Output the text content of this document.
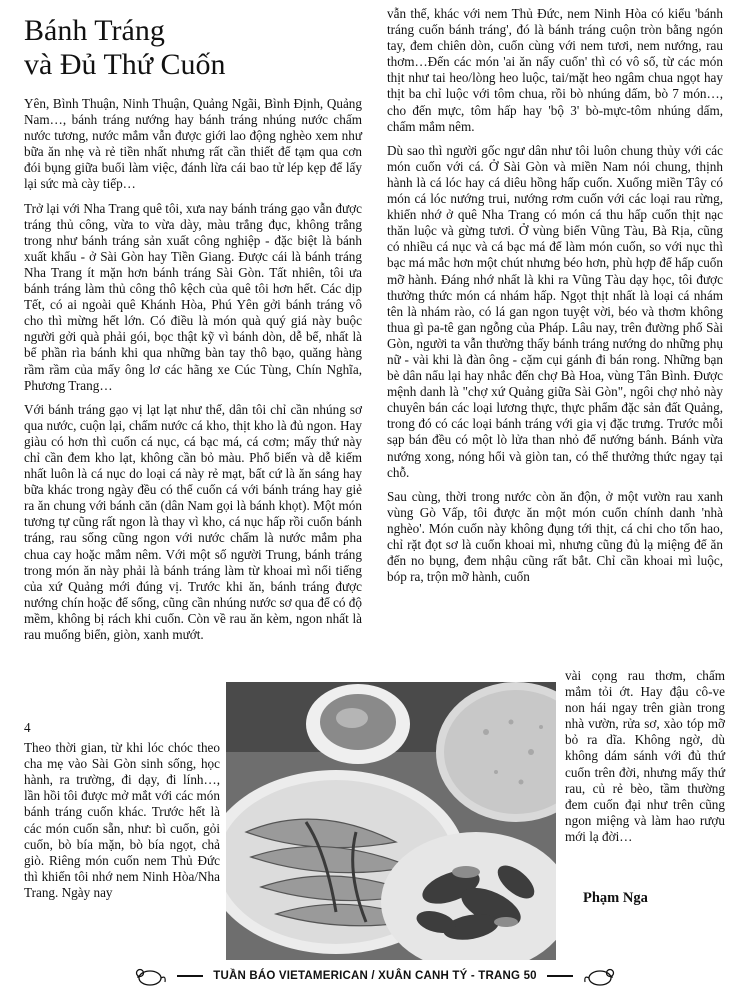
Bánh Tráng
và Đủ Thứ Cuốn

Yên, Bình Thuận, Ninh Thuận, Quảng Ngãi, Bình Định, Quảng Nam…, bánh tráng nướng hay bánh tráng nhúng nước chấm nước tương, nước mắm vẫn được giới lao động nghèo xem như bữa ăn nhẹ và rẻ tiền nhất nhưng rất cần thiết để tạm qua cơn đói bụng giữa buổi làm việc, đánh lừa cái bao tử lép kẹp để lấy lại sức mà cày tiếp…

Trở lại với Nha Trang quê tôi, xưa nay bánh tráng gạo vẫn được tráng thủ công, vừa to vừa dày, màu trắng đục, không trắng trong như bánh tráng sản xuất công nghiệp - đặc biệt là bánh xuất khẩu - ở Sài Gòn hay Tiền Giang. Được cái là bánh tráng Nha Trang ít mặn hơn bánh tráng Sài Gòn. Tất nhiên, tôi ưa bánh tráng làm thủ công thô kệch của quê tôi hơn hết. Các dịp Tết, có ai ngoài quê Khánh Hòa, Phú Yên gởi bánh tráng vô cho thì mừng hết lớn. Có điều là món quà quý giá này buộc người gởi quà phải gói, bọc thật kỹ vì bánh dòn, dễ bể, nhất là bể phần rìa bánh khi qua những bàn tay thô bạo, quăng hàng rầm rầm của mấy ông lơ các hãng xe Cúc Tùng, Chín Nghĩa, Phương Trang…

Với bánh tráng gạo vị lạt lạt như thế, dân tôi chỉ cần nhúng sơ qua nước, cuộn lại, chấm nước cá kho, thịt kho là đủ ngon. Hay giàu có hơn thì cuốn cá nục, cá bạc má, cá cơm; mấy thứ này chỉ cần đem kho lạt, không cần bỏ màu. Phổ biến và dễ kiếm nhất luôn là cá nục do loại cá này rẻ mạt, bất cứ là ăn sáng hay bữa khác trong ngày đều có thể cuốn cá với bánh tráng hay giẻ ra ăn chung với bánh căn (dân Nam gọi là bánh khọt). Một món tương tự cũng rất ngon là thay vì kho, cá nục hấp rồi cuốn bánh tráng, rau sống cũng ngon với nước chấm là nước mắm pha chua cay hoặc mắm nêm. Với một số người Trung, bánh tráng trong món ăn này phải là bánh tráng làm từ khoai mì nổi tiếng của xứ Quảng mới đúng vị. Trước khi ăn, bánh tráng được nướng chín hoặc để sống, cũng cần nhúng nước sơ qua để có độ mềm, không bị rách khi cuốn. Còn về rau ăn kèm, ngon nhất là rau muống biển, giòn, xanh mướt.

4

Theo thời gian, từ khi lóc chóc theo cha mẹ vào Sài Gòn sinh sống, học hành, ra trường, đi dạy, đi lính…, lần hồi tôi được mở mắt với các món bánh tráng cuốn khác. Trước hết là các món cuốn sẵn, như: bì cuốn, gỏi cuốn, bò bía mặn, bò bía ngọt, chả giò. Riêng món cuốn nem Thủ Đức thì khiến tôi nhớ nem Ninh Hòa/Nha Trang. Ngày nay

vẫn thế, khác với nem Thủ Đức, nem Ninh Hòa có kiểu 'bánh tráng cuốn bánh tráng', đó là bánh tráng cuộn tròn bằng ngón tay, đem chiên dòn, cuốn cùng với nem tươi, nem nướng, rau thơm…Đến các món 'ai ăn nấy cuốn' thì có vô số, từ các món thịt như tai heo/lòng heo luộc, tai/mặt heo ngâm chua ngọt hay thịt ba chỉ luộc với tôm chua, rồi bò nhúng dấm, bò 7 món…, cho đến mực, tôm hấp hay 'bộ 3' bò-mực-tôm nhúng dấm, chấm mắm nêm.

Dù sao thì người gốc ngư dân như tôi luôn chung thủy với các món cuốn với cá. Ở Sài Gòn và miền Nam nói chung, thịnh hành là cá lóc hay cá diêu hồng hấp cuốn. Xuống miền Tây có món cá lóc nướng trui, nướng rơm cuốn với các loại rau rừng, khiến nhớ ở quê Nha Trang có món cá thu hấp cuốn thịt nạc thăn luộc và gừng tươi. Ở vùng biển Vũng Tàu, Bà Rịa, cũng có nhiều cá nục và cá bạc má để làm món cuốn, so với nục thì bạc má mắc hơn một chút nhưng béo hơn, phù hợp để hấp cuốn mỡ hành. Đáng nhớ nhất là khi ra Vũng Tàu dạy học, tôi được thưởng thức món cá nhám hấp. Ngọt thịt nhất là loại cá nhám tên là nhám rào, có lá gan ngon tuyệt vời, béo và thơm không thua gì pa-tê gan ngỗng của Pháp. Lâu nay, trên đường phố Sài Gòn, người ta vẫn thường thấy bánh tráng nướng do những phụ nữ - vài khi là đàn ông - cặm cụi gánh đi bán rong. Những bạn bè dân nẩu lại hay nhắc đến chợ Bà Hoa, vùng Tân Bình. Được mệnh danh là "chợ xứ Quảng giữa Sài Gòn", ngôi chợ nhỏ này chuyên bán các loại lương thực, thực phẩm đặc sản đất Quảng, trong đó có các loại bánh tráng với gia vị đặc trưng. Trước mỗi sạp bán đều có một lò lửa than nhỏ để nướng bánh. Bánh vừa nướng xong, nóng hổi và giòn tan, có thể thưởng thức ngay tại chỗ.

Sau cùng, thời trong nước còn ăn độn, ở một vườn rau xanh vùng Gò Vấp, tôi được ăn một món cuốn chính danh 'nhà nghèo'. Món cuốn này không đụng tới thịt, cá chi cho tốn hao, chỉ rặt đọt sơ là cuốn khoai mì, nhưng cũng đủ lạ miệng để ăn đến no bụng, đem nhậu cũng rất bắt. Chỉ cần khoai mì luộc, bóp ra, trộn mỡ hành, cuốn

vài cọng rau thơm, chấm mắm tỏi ớt. Hay đậu cô-ve non hái ngay trên giàn trong nhà vườn, rửa sơ, xào tóp mỡ bỏ ra dĩa. Không ngờ, dù không dám sánh với đủ thứ cuốn trên đời, nhưng mấy thứ rau, củ rẻ bèo, tầm thường đem cuốn đại như trên cũng ngon miệng và làm hao rượu mới lạ đời…
Phạm Nga
TUẦN BÁO VIETAMERICAN / XUÂN CANH TÝ - TRANG 50
